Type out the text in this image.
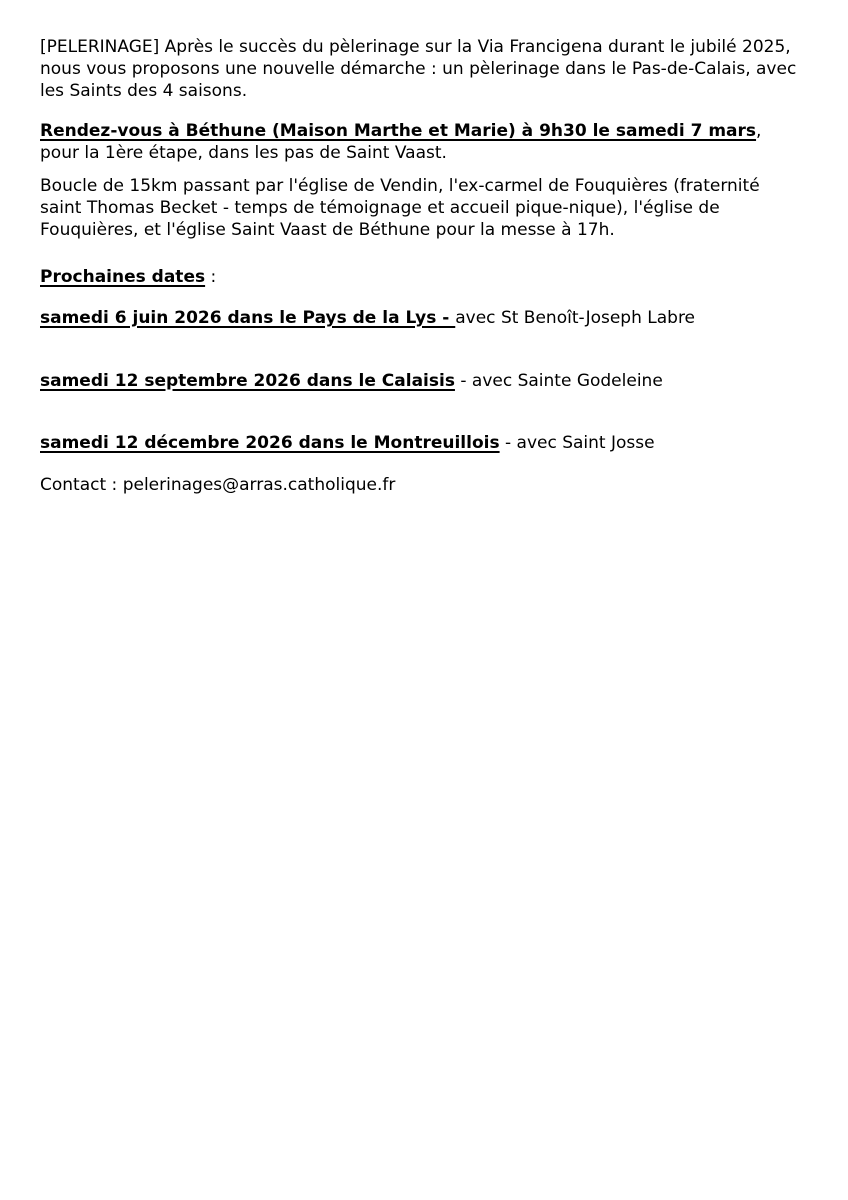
[PELERINAGE] Après le succès du pèlerinage sur la Via Francigena durant le jubilé 2025,
nous vous proposons une nouvelle démarche : un pèlerinage dans le Pas-de-Calais, avec
les Saints des 4 saisons.

Rendez-vous à Béthune (Maison Marthe et Marie) à 9h30 le samedi 7 mars,
pour la 1ère étape, dans les pas de Saint Vaast.

Boucle de 15km passant par l'église de Vendin, l'ex-carmel de Fouquières (fraternité
saint Thomas Becket - temps de témoignage et accueil pique-nique), l'église de
Fouquières, et l'église Saint Vaast de Béthune pour la messe à 17h.

Prochaines dates :

samedi 6 juin 2026 dans le Pays de la Lys - avec St Benoît-Joseph Labre

samedi 12 septembre 2026 dans le Calaisis - avec Sainte Godeleine

samedi 12 décembre 2026 dans le Montreuillois - avec Saint Josse

Contact : pelerinages@arras.catholique.fr
